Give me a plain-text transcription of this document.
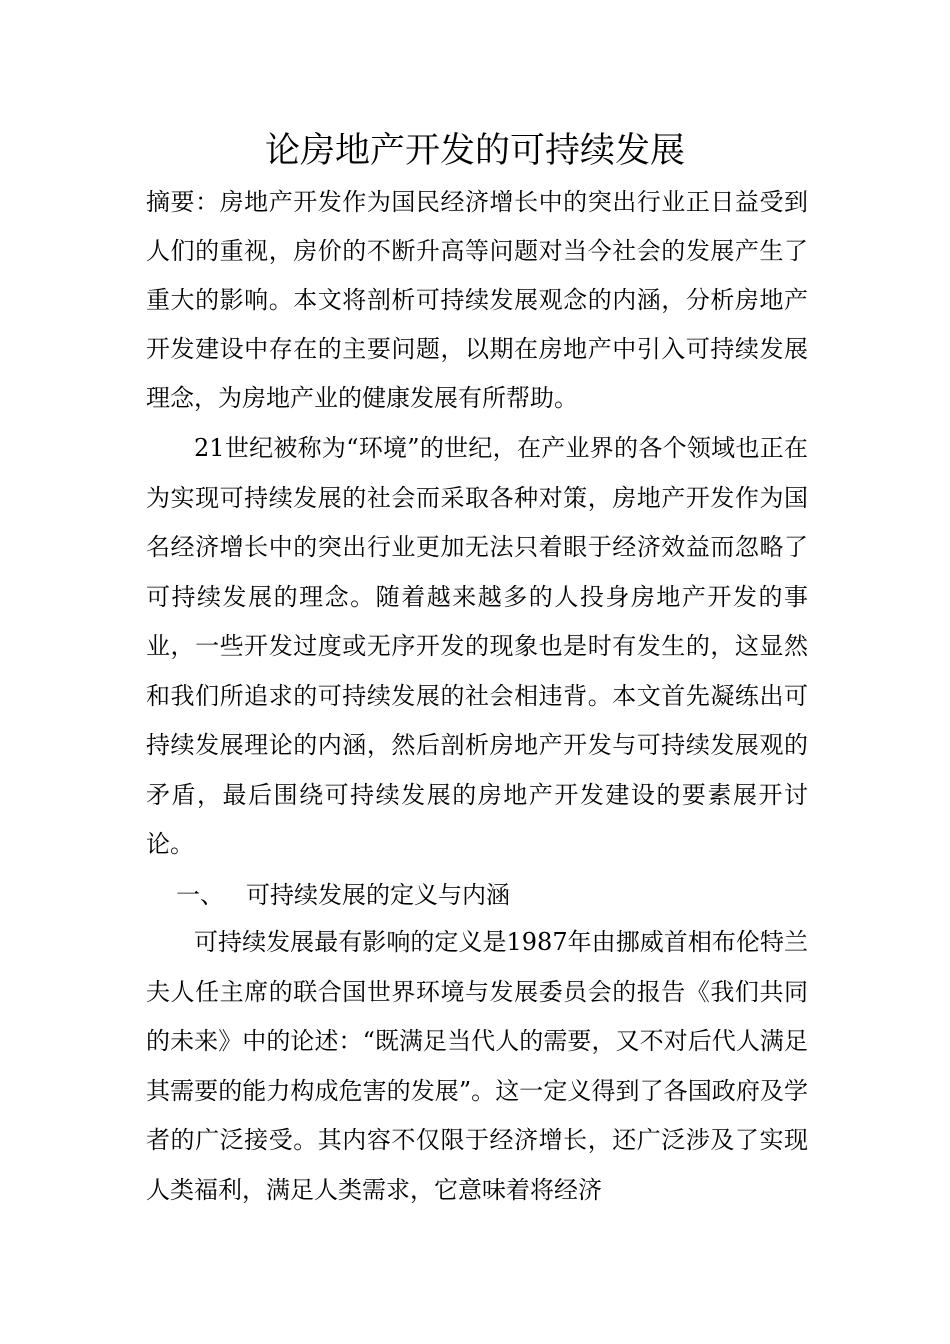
论房地产开发的可持续发展

摘要：房地产开发作为国民经济增长中的突出行业正日益受到人们的重视，房价的不断升高等问题对当今社会的发展产生了重大的影响。本文将剖析可持续发展观念的内涵，分析房地产开发建设中存在的主要问题，以期在房地产中引入可持续发展理念，为房地产业的健康发展有所帮助。

21世纪被称为“环境”的世纪，在产业界的各个领域也正在为实现可持续发展的社会而采取各种对策，房地产开发作为国名经济增长中的突出行业更加无法只着眼于经济效益而忽略了可持续发展的理念。随着越来越多的人投身房地产开发的事业，一些开发过度或无序开发的现象也是时有发生的，这显然和我们所追求的可持续发展的社会相违背。本文首先凝练出可持续发展理论的内涵，然后剖析房地产开发与可持续发展观的矛盾，最后围绕可持续发展的房地产开发建设的要素展开讨论。

一、 可持续发展的定义与内涵

可持续发展最有影响的定义是1987年由挪威首相布伦特兰夫人任主席的联合国世界环境与发展委员会的报告《我们共同的未来》中的论述：“既满足当代人的需要，又不对后代人满足其需要的能力构成危害的发展”。这一定义得到了各国政府及学者的广泛接受。其内容不仅限于经济增长，还广泛涉及了实现人类福利，满足人类需求，它意味着将经济
